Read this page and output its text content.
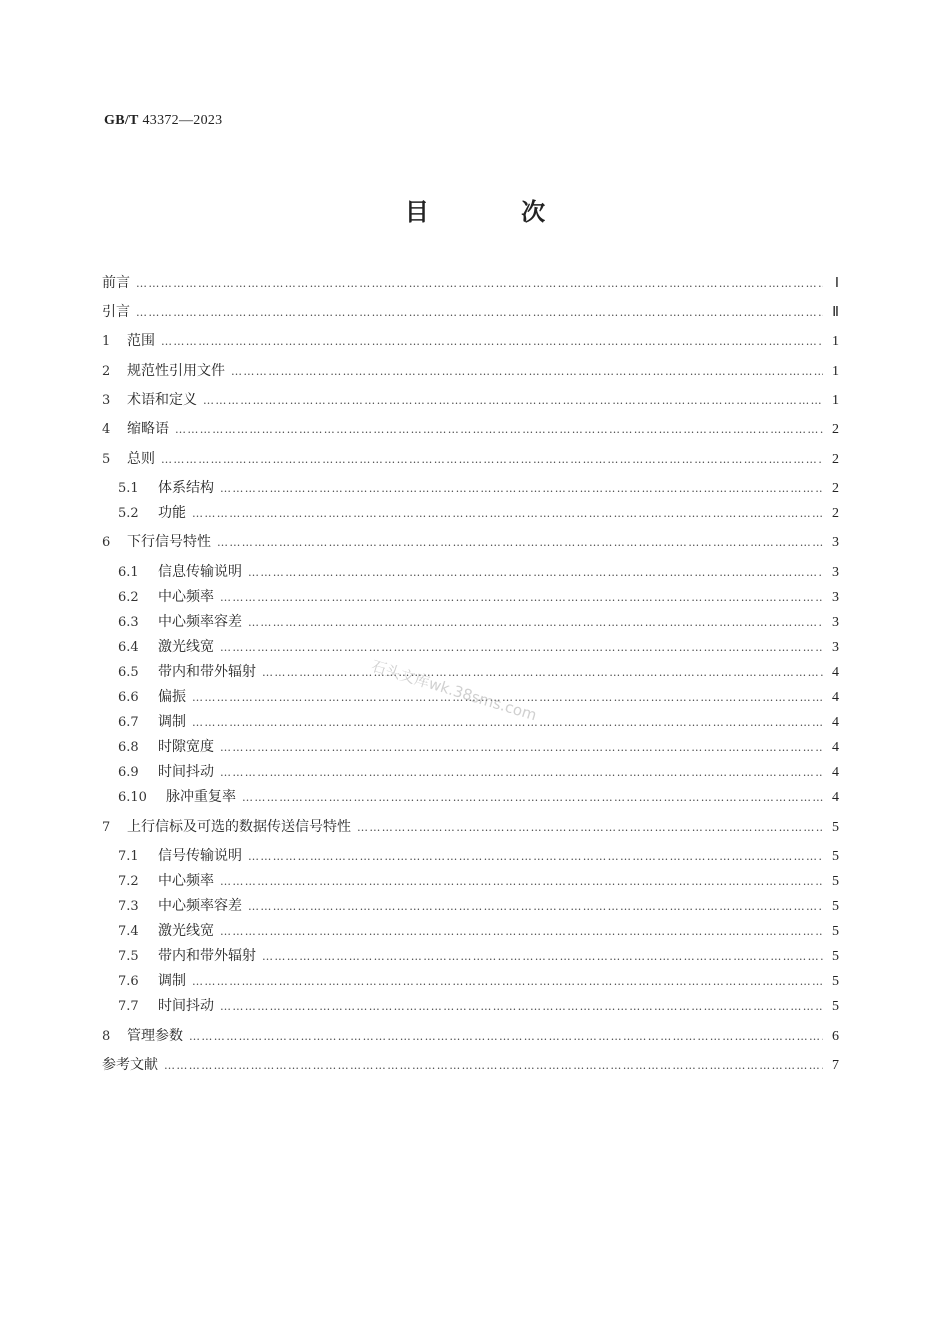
GB/T 43372—2023
目 次
前言 ………………………………………………………………………………………………………………………………………………………………………………………………………………………………………………………………………………………	Ⅰ
引言 ………………………………………………………………………………………………………………………………………………………………………………………………………………………………………………………………………………………	Ⅱ
1	范围 ………………………………………………………………………………………………………………………………………………………………………………………………………………………………………………………………………………………	1
2	规范性引用文件 ………………………………………………………………………………………………………………………………………………………………………………………………………………………………………………………………………………………	1
3	术语和定义 ………………………………………………………………………………………………………………………………………………………………………………………………………………………………………………………………………………………	1
4	缩略语 ………………………………………………………………………………………………………………………………………………………………………………………………………………………………………………………………………………………	2
5	总则 ………………………………………………………………………………………………………………………………………………………………………………………………………………………………………………………………………………………	2
5.1	体系结构 ………………………………………………………………………………………………………………………………………………………………………………………………………………………………………………………………………………………	2
5.2	功能 ………………………………………………………………………………………………………………………………………………………………………………………………………………………………………………………………………………………	2
6	下行信号特性 ………………………………………………………………………………………………………………………………………………………………………………………………………………………………………………………………………………………	3
6.1	信息传输说明 ………………………………………………………………………………………………………………………………………………………………………………………………………………………………………………………………………………………	3
6.2	中心频率 ………………………………………………………………………………………………………………………………………………………………………………………………………………………………………………………………………………………	3
6.3	中心频率容差 ………………………………………………………………………………………………………………………………………………………………………………………………………………………………………………………………………………………	3
6.4	激光线宽 ………………………………………………………………………………………………………………………………………………………………………………………………………………………………………………………………………………………	3
6.5	带内和带外辐射 ………………………………………………………………………………………………………………………………………………………………………………………………………………………………………………………………………………………	4
6.6	偏振 ………………………………………………………………………………………………………………………………………………………………………………………………………………………………………………………………………………………	4
6.7	调制 ………………………………………………………………………………………………………………………………………………………………………………………………………………………………………………………………………………………	4
6.8	时隙宽度 ………………………………………………………………………………………………………………………………………………………………………………………………………………………………………………………………………………………	4
6.9	时间抖动 ………………………………………………………………………………………………………………………………………………………………………………………………………………………………………………………………………………………	4
6.10	脉冲重复率 ………………………………………………………………………………………………………………………………………………………………………………………………………………………………………………………………………………………	4
7	上行信标及可选的数据传送信号特性 ………………………………………………………………………………………………………………………………………………………………………………………………………………………………………………………………………………………	5
7.1	信号传输说明 ………………………………………………………………………………………………………………………………………………………………………………………………………………………………………………………………………………………	5
7.2	中心频率 ………………………………………………………………………………………………………………………………………………………………………………………………………………………………………………………………………………………	5
7.3	中心频率容差 ………………………………………………………………………………………………………………………………………………………………………………………………………………………………………………………………………………………	5
7.4	激光线宽 ………………………………………………………………………………………………………………………………………………………………………………………………………………………………………………………………………………………	5
7.5	带内和带外辐射 ………………………………………………………………………………………………………………………………………………………………………………………………………………………………………………………………………………………	5
7.6	调制 ………………………………………………………………………………………………………………………………………………………………………………………………………………………………………………………………………………………	5
7.7	时间抖动 ………………………………………………………………………………………………………………………………………………………………………………………………………………………………………………………………………………………	5
8	管理参数 ………………………………………………………………………………………………………………………………………………………………………………………………………………………………………………………………………………………	6
参考文献 ………………………………………………………………………………………………………………………………………………………………………………………………………………………………………………………………………………………	7
石头文库wk.38sms.com
